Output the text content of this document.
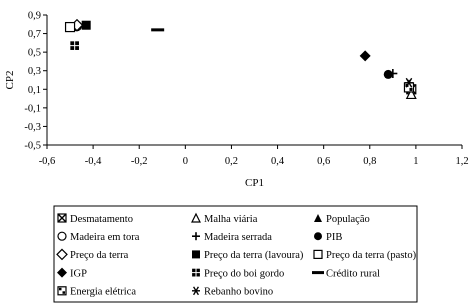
-0,5
-0,3
-0,1
0,1
0,3
0,5
0,7
0,9
-0,6	-0,4	-0,2	0	0,2	0,4	0,6	0,8	1	1,2
CP1
CP2
Desmatamento	Malha viária	População
Madeira em tora	Madeira serrada	PIB
Preço da terra	Preço da terra (lavoura) Preço da terra (pasto)
IGP	Preço do boi gordo	Crédito rural
Energia elétrica	Rebanho bovino
